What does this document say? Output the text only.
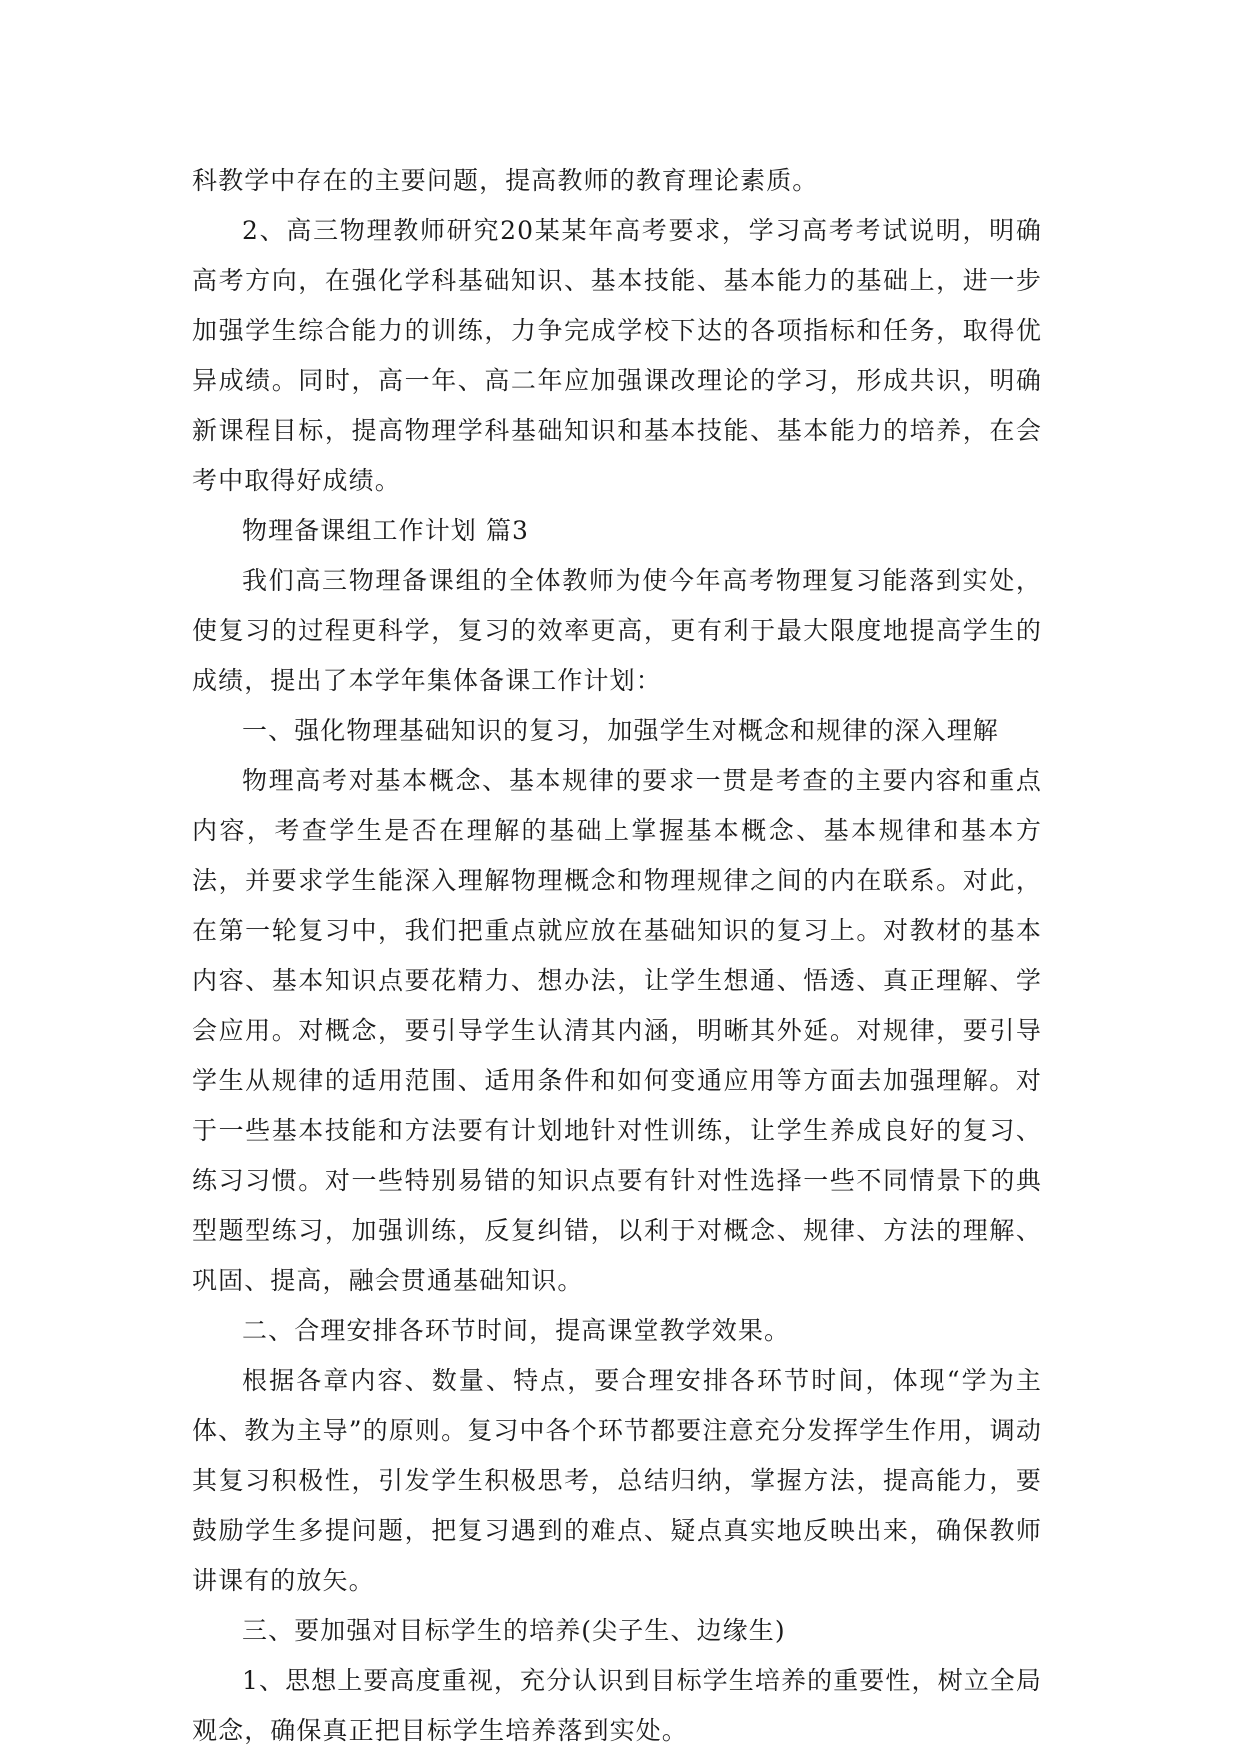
科教学中存在的主要问题，提高教师的教育理论素质。

2、高三物理教师研究20某某年高考要求，学习高考考试说明，明确高考方向，在强化学科基础知识、基本技能、基本能力的基础上，进一步加强学生综合能力的训练，力争完成学校下达的各项指标和任务，取得优异成绩。同时，高一年、高二年应加强课改理论的学习，形成共识，明确新课程目标，提高物理学科基础知识和基本技能、基本能力的培养，在会考中取得好成绩。

物理备课组工作计划 篇3

我们高三物理备课组的全体教师为使今年高考物理复习能落到实处，使复习的过程更科学，复习的效率更高，更有利于最大限度地提高学生的成绩，提出了本学年集体备课工作计划：

一、强化物理基础知识的复习，加强学生对概念和规律的深入理解

物理高考对基本概念、基本规律的要求一贯是考查的主要内容和重点内容，考查学生是否在理解的基础上掌握基本概念、基本规律和基本方法，并要求学生能深入理解物理概念和物理规律之间的内在联系。对此，在第一轮复习中，我们把重点就应放在基础知识的复习上。对教材的基本内容、基本知识点要花精力、想办法，让学生想通、悟透、真正理解、学会应用。对概念，要引导学生认清其内涵，明晰其外延。对规律，要引导学生从规律的适用范围、适用条件和如何变通应用等方面去加强理解。对于一些基本技能和方法要有计划地针对性训练，让学生养成良好的复习、练习习惯。对一些特别易错的知识点要有针对性选择一些不同情景下的典型题型练习，加强训练，反复纠错，以利于对概念、规律、方法的理解、巩固、提高，融会贯通基础知识。

二、合理安排各环节时间，提高课堂教学效果。

根据各章内容、数量、特点，要合理安排各环节时间，体现“学为主体、教为主导”的原则。复习中各个环节都要注意充分发挥学生作用，调动其复习积极性，引发学生积极思考，总结归纳，掌握方法，提高能力，要鼓励学生多提问题，把复习遇到的难点、疑点真实地反映出来，确保教师讲课有的放矢。

三、要加强对目标学生的培养(尖子生、边缘生)

1、思想上要高度重视，充分认识到目标学生培养的重要性，树立全局观念，确保真正把目标学生培养落到实处。
